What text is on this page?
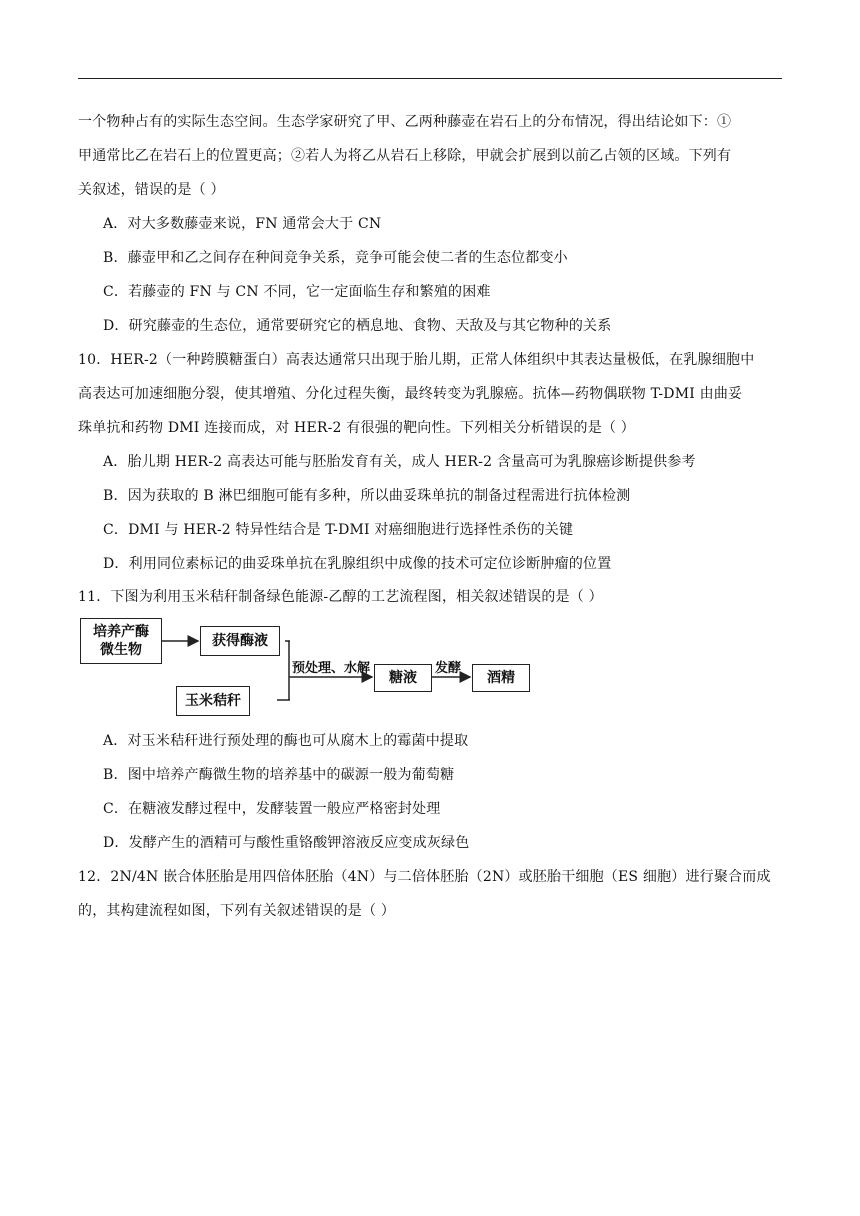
一个物种占有的实际生态空间。生态学家研究了甲、乙两种藤壶在岩石上的分布情况，得出结论如下：①
甲通常比乙在岩石上的位置更高；②若人为将乙从岩石上移除，甲就会扩展到以前乙占领的区域。下列有
关叙述，错误的是（ ）
A．对大多数藤壶来说，FN 通常会大于 CN
B．藤壶甲和乙之间存在种间竞争关系，竞争可能会使二者的生态位都变小
C．若藤壶的 FN 与 CN 不同，它一定面临生存和繁殖的困难
D．研究藤壶的生态位，通常要研究它的栖息地、食物、天敌及与其它物种的关系
10．HER-2（一种跨膜糖蛋白）高表达通常只出现于胎儿期，正常人体组织中其表达量极低，在乳腺细胞中
高表达可加速细胞分裂，使其增殖、分化过程失衡，最终转变为乳腺癌。抗体—药物偶联物 T-DMI 由曲妥
珠单抗和药物 DMI 连接而成，对 HER-2 有很强的靶向性。下列相关分析错误的是（ ）
A．胎儿期 HER-2 高表达可能与胚胎发育有关，成人 HER-2 含量高可为乳腺癌诊断提供参考
B．因为获取的 B 淋巴细胞可能有多种，所以曲妥珠单抗的制备过程需进行抗体检测
C．DMI 与 HER-2 特异性结合是 T-DMI 对癌细胞进行选择性杀伤的关键
D．利用同位素标记的曲妥珠单抗在乳腺组织中成像的技术可定位诊断肿瘤的位置
11．下图为利用玉米秸秆制备绿色能源-乙醇的工艺流程图，相关叙述错误的是（ ）
培养产酶
微生物
获得酶液
玉米秸秆
糖液	酒精
预处理、水解	发酵
A．对玉米秸秆进行预处理的酶也可从腐木上的霉菌中提取
B．图中培养产酶微生物的培养基中的碳源一般为葡萄糖
C．在糖液发酵过程中，发酵装置一般应严格密封处理
D．发酵产生的酒精可与酸性重铬酸钾溶液反应变成灰绿色
12．2N/4N 嵌合体胚胎是用四倍体胚胎（4N）与二倍体胚胎（2N）或胚胎干细胞（ES 细胞）进行聚合而成
的，其构建流程如图，下列有关叙述错误的是（ ）
